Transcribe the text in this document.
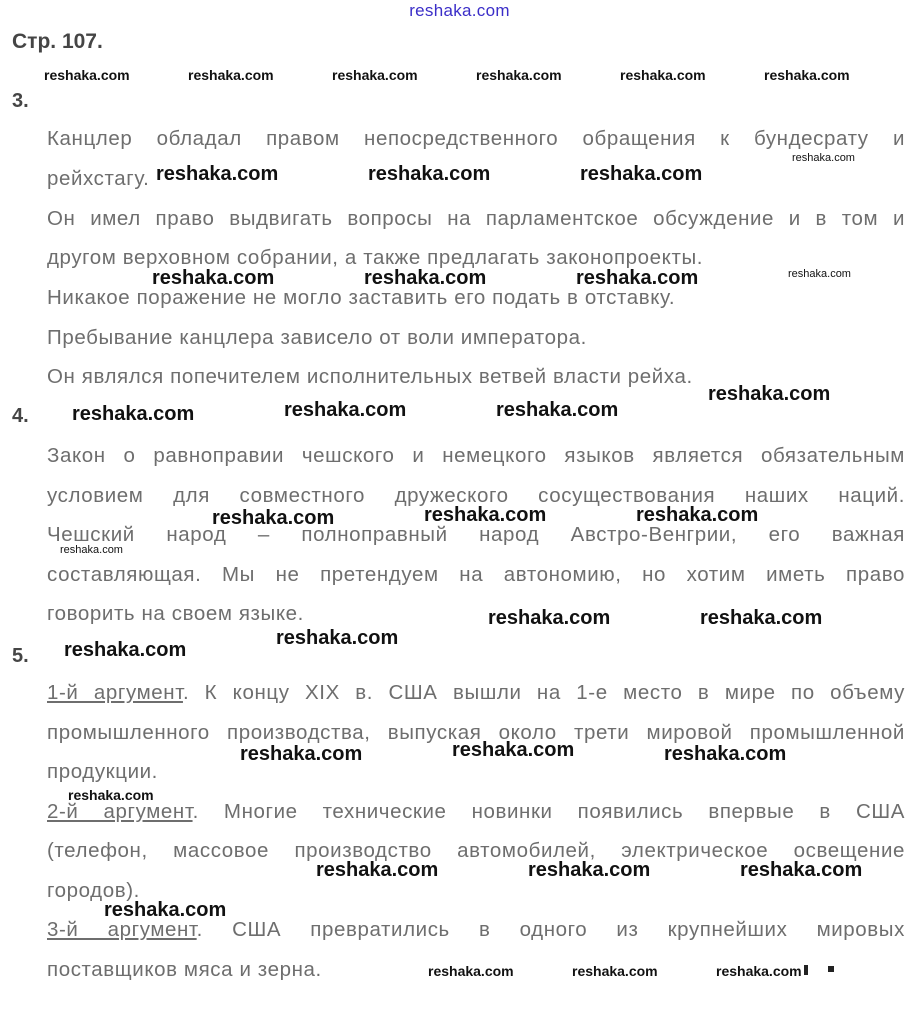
reshaka.com
Стр. 107.
3.
Канцлер обладал правом непосредственного обращения к бундесрату и
рейхстагу.
Он имел право выдвигать вопросы на парламентское обсуждение и в том и
другом верховном собрании, а также предлагать законопроекты.
Никакое поражение не могло заставить его подать в отставку.
Пребывание канцлера зависело от воли императора.
Он являлся попечителем исполнительных ветвей власти рейха.
4.
Закон о равноправии чешского и немецкого языков является обязательным
условием для совместного дружеского сосуществования наших наций.
Чешский народ – полноправный народ Австро-Венгрии, его важная
составляющая. Мы не претендуем на автономию, но хотим иметь право
говорить на своем языке.
5.
1-й аргумент. К концу XIX в. США вышли на 1-е место в мире по объему
промышленного производства, выпуская около трети мировой промышленной
продукции.
2-й аргумент. Многие технические новинки появились впервые в США
(телефон, массовое производство автомобилей, электрическое освещение
городов).
3-й аргумент. США превратились в одного из крупнейших мировых
поставщиков мяса и зерна.
reshaka.com	reshaka.com	reshaka.com	reshaka.com	reshaka.com	reshaka.com
reshaka.com
reshaka.com
reshaka.com
reshaka.com	reshaka.com	reshaka.com
reshaka.com	reshaka.com	reshaka.com
reshaka.com
reshaka.com	reshaka.com	reshaka.com
reshaka.com	reshaka.com	reshaka.com
reshaka.com	reshaka.com
reshaka.com
reshaka.com
reshaka.com
reshaka.com	reshaka.com
reshaka.com
reshaka.com	reshaka.com	reshaka.com
reshaka.com
reshaka.com	reshaka.com	reshaka.com
